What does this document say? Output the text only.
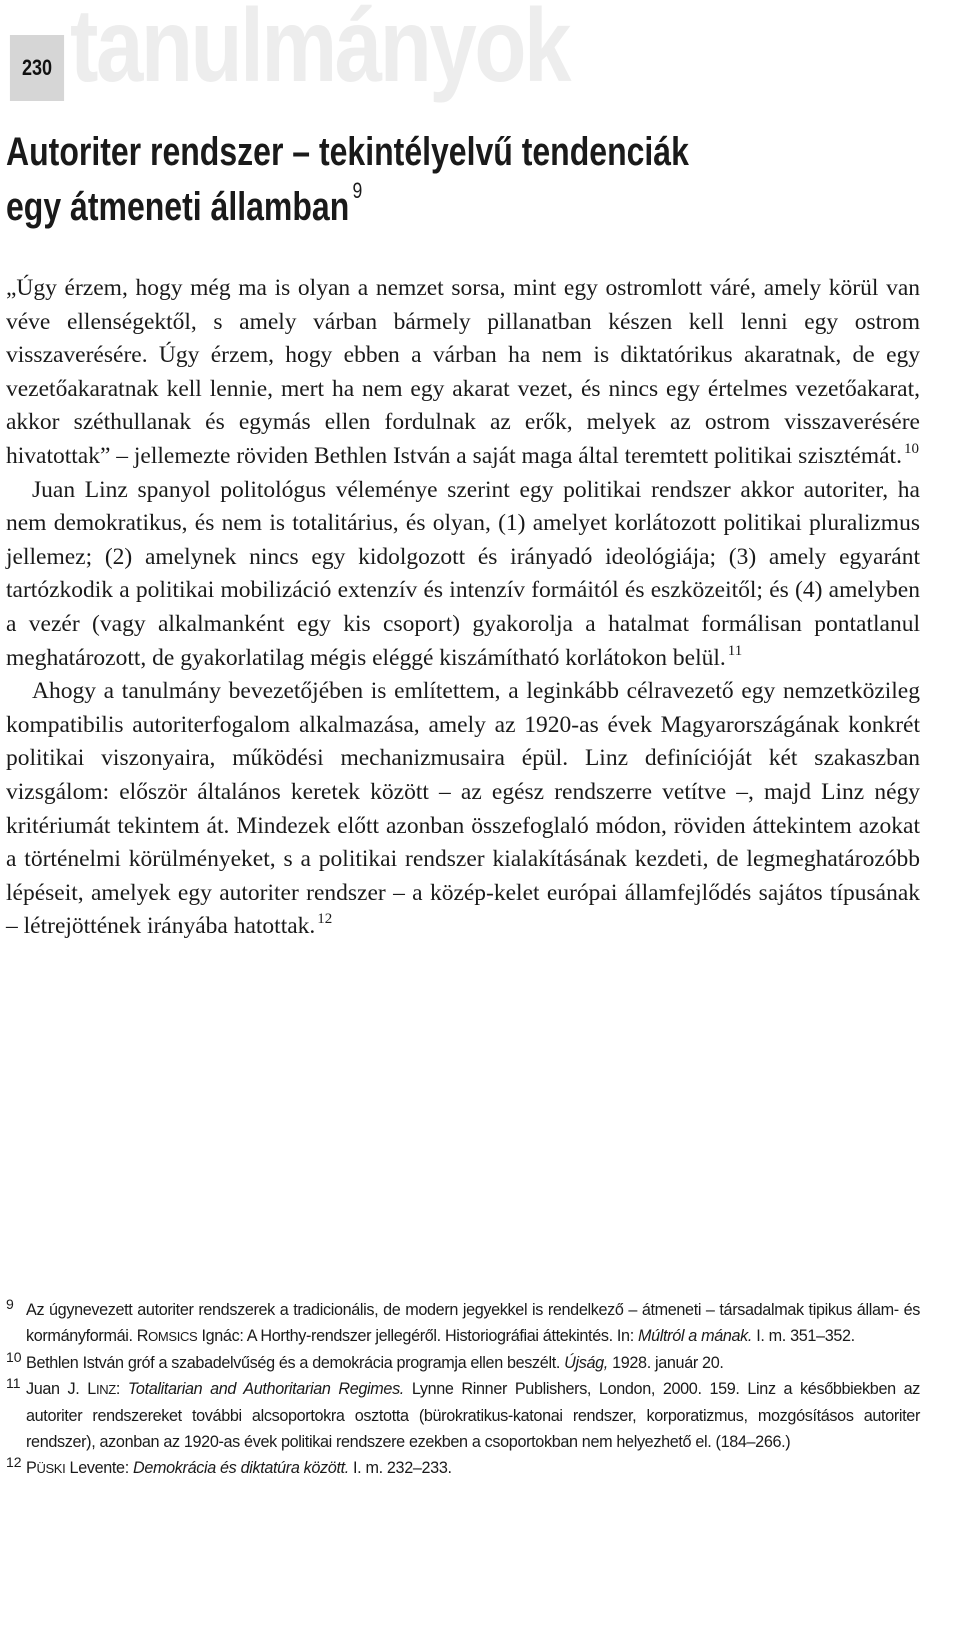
230 tanulmányok
Autoriter rendszer – tekintélyelvű tendenciák
egy átmeneti államban $^9$

„Úgy érzem, hogy még ma is olyan a nemzet sorsa, mint egy ostromlott váré, amely körül van véve ellenségektől, s amely várban bármely pillanatban készen kell lenni egy ostrom visszaverésére. Úgy érzem, hogy ebben a várban ha nem is diktatórikus akaratnak, de egy vezetőakaratnak kell lennie, mert ha nem egy akarat vezet, és nincs egy értelmes vezetőakarat, akkor széthullanak és egymás ellen fordulnak az erők, melyek az ostrom visszaverésére hivatottak” – jellemezte röviden Bethlen István a saját maga által teremtett politikai szisztémát. $^{10}$

Juan Linz spanyol politológus véleménye szerint egy politikai rendszer akkor autoriter, ha nem demokratikus, és nem is totalitárius, és olyan, (1) amelyet korlátozott politikai pluralizmus jellemez; (2) amelynek nincs egy kidolgozott és irányadó ideológiája; (3) amely egyaránt tartózkodik a politikai mobilizáció extenzív és intenzív formáitól és eszközeitől; és (4) amelyben a vezér (vagy alkalmanként egy kis csoport) gyakorolja a hatalmat formálisan pontatlanul meghatározott, de gyakorlatilag mégis eléggé kiszámítható korlátokon belül. $^{11}$

Ahogy a tanulmány bevezetőjében is említettem, a leginkább célravezető egy nemzetközileg kompatibilis autoriterfogalom alkalmazása, amely az 1920-as évek Magyarországának konkrét politikai viszonyaira, működési mechanizmusaira épül. Linz definícióját két szakaszban vizsgálom: először általános keretek között – az egész rendszerre vetítve –, majd Linz négy kritériumát tekintem át. Mindezek előtt azonban összefoglaló módon, röviden áttekintem azokat a történelmi körülményeket, s a politikai rendszer kialakításának kezdeti, de legmeghatározóbb lépéseit, amelyek egy autoriter rendszer – a közép-kelet európai államfejlődés sajátos típusának – létrejöttének irányába hatottak. $^{12}$

9 Az úgynevezett autoriter rendszerek a tradicionális, de modern jegyekkel is rendelkező – átmeneti – társadalmak tipikus állam- és kormányformái. ROMSICS Ignác: A Horthy-rendszer jellegéről. Historiográfiai áttekintés. In: Múltról a mának. I. m. 351–352.

10 Bethlen István gróf a szabadelvűség és a demokrácia programja ellen beszélt. Újság, 1928. január 20.

11 Juan J. LINZ: Totalitarian and Authoritarian Regimes. Lynne Rinner Publishers, London, 2000. 159. Linz a későbbiekben az autoriter rendszereket további alcsoportokra osztotta (bürokratikus-katonai rendszer, korporatizmus, mozgósításos autoriter rendszer), azonban az 1920-as évek politikai rendszere ezekben a csoportokban nem helyezhető el. (184–266.)

12 PÜSKI Levente: Demokrácia és diktatúra között. I. m. 232–233.
